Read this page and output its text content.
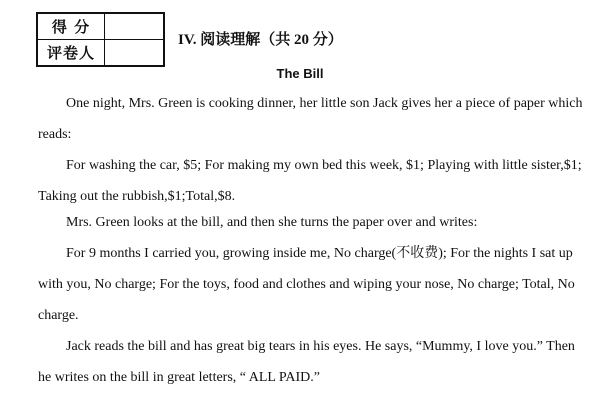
得 分	
评卷人	
IV. 阅读理解（共 20 分）
The Bill

One night, Mrs. Green is cooking dinner, her little son Jack gives her a piece of paper which reads:

For washing the car, $5; For making my own bed this week, $1; Playing with little sister,$1; Taking out the rubbish,$1;Total,$8.

Mrs. Green looks at the bill, and then she turns the paper over and writes:

For 9 months I carried you, growing inside me, No charge(不收费); For the nights I sat up with you, No charge; For the toys, food and clothes and wiping your nose, No charge; Total, No charge.

Jack reads the bill and has great big tears in his eyes. He says, “Mummy, I love you.” Then he writes on the bill in great letters, “ ALL PAID.”
